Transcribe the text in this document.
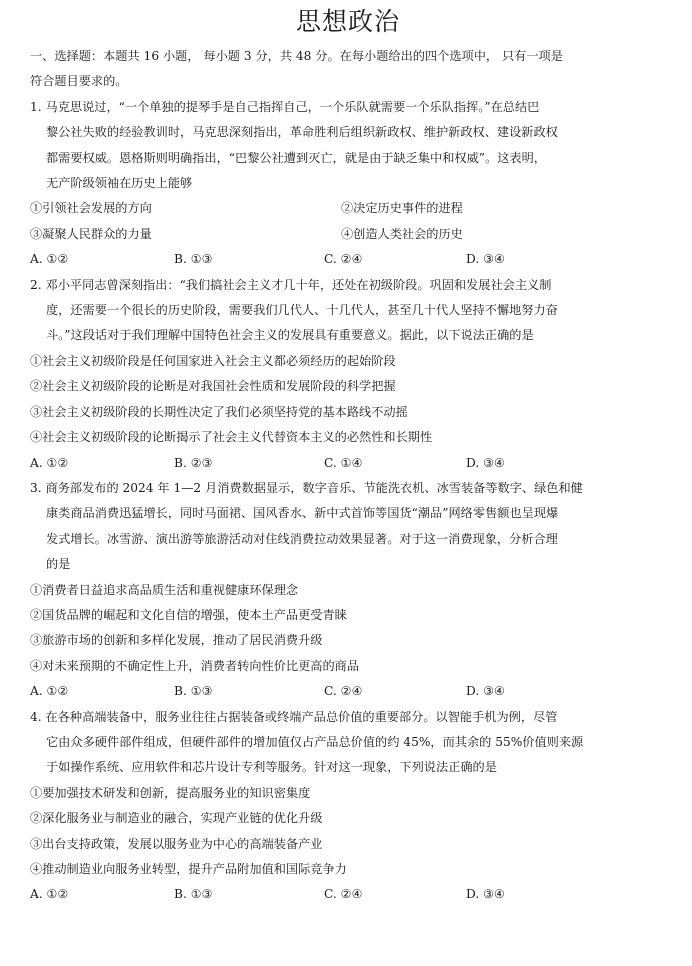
思想政治
一、选择题：本题共 16 小题， 每小题 3 分，共 48 分。在每小题给出的四个选项中， 只有一项是
符合题目要求的。
1. 马克思说过，“一个单独的提琴手是自己指挥自己，一个乐队就需要一个乐队指挥。”在总结巴
黎公社失败的经验教训时，马克思深刻指出，革命胜利后组织新政权、维护新政权、建设新政权
都需要权威。恩格斯则明确指出，“巴黎公社遭到灭亡，就是由于缺乏集中和权威”。这表明，
无产阶级领袖在历史上能够
①引领社会发展的方向	②决定历史事件的进程
③凝聚人民群众的力量	④创造人类社会的历史
A. ①②	B. ①③	C. ②④	D. ③④
2. 邓小平同志曾深刻指出：“我们搞社会主义才几十年，还处在初级阶段。巩固和发展社会主义制
度，还需要一个很长的历史阶段，需要我们几代人、十几代人，甚至几十代人坚持不懈地努力奋
斗。”这段话对于我们理解中国特色社会主义的发展具有重要意义。据此，以下说法正确的是
①社会主义初级阶段是任何国家进入社会主义都必须经历的起始阶段
②社会主义初级阶段的论断是对我国社会性质和发展阶段的科学把握
③社会主义初级阶段的长期性决定了我们必须坚持党的基本路线不动摇
④社会主义初级阶段的论断揭示了社会主义代替资本主义的必然性和长期性
A. ①②	B. ②③	C. ①④	D. ③④
3. 商务部发布的 2024 年 1—2 月消费数据显示，数字音乐、节能洗衣机、冰雪装备等数字、绿色和健
康类商品消费迅猛增长，同时马面裙、国风香水、新中式首饰等国货“潮品”网络零售额也呈现爆
发式增长。冰雪游、演出游等旅游活动对住线消费拉动效果显著。对于这一消费现象，分析合理
的是
①消费者日益追求高品质生活和重视健康环保理念
②国货品牌的崛起和文化自信的增强，使本土产品更受青睐
③旅游市场的创新和多样化发展，推动了居民消费升级
④对未来预期的不确定性上升，消费者转向性价比更高的商品
A. ①②	B. ①③	C. ②④	D. ③④
4. 在各种高端装备中，服务业往往占据装备或终端产品总价值的重要部分。以智能手机为例，尽管
它由众多硬件部件组成，但硬件部件的增加值仅占产品总价值的约 45%，而其余的 55%价值则来源
于如操作系统、应用软件和芯片设计专利等服务。针对这一现象，下列说法正确的是
①要加强技术研发和创新，提高服务业的知识密集度
②深化服务业与制造业的融合，实现产业链的优化升级
③出台支持政策，发展以服务业为中心的高端装备产业
④推动制造业向服务业转型，提升产品附加值和国际竞争力
A. ①②	B. ①③	C. ②④	D. ③④
